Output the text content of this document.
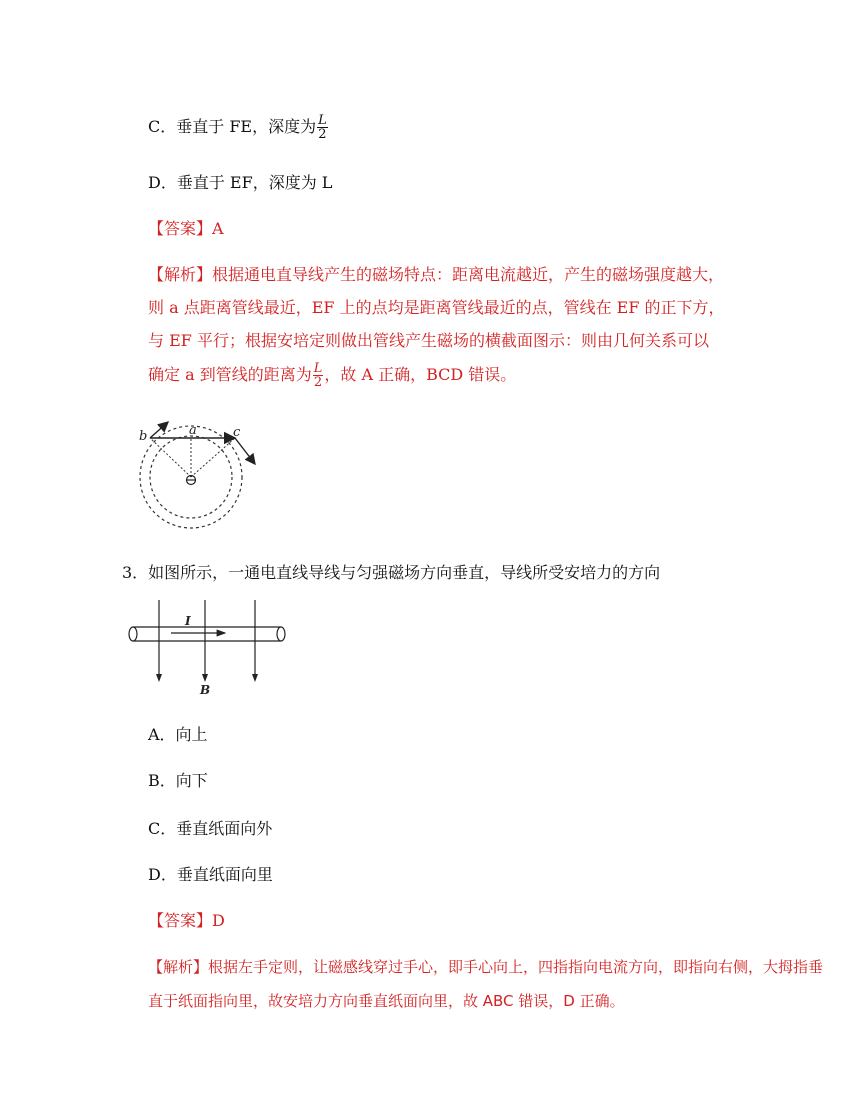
C．垂直于 FE，深度为 $\frac{L}{2}$
D．垂直于 EF，深度为 L
【答案】A
【解析】根据通电直导线产生的磁场特点：距离电流越近，产生的磁场强度越大，
则 a 点距离管线最近，EF 上的点均是距离管线最近的点，管线在 EF 的正下方，
与 EF 平行；根据安培定则做出管线产生磁场的横截面图示：则由几何关系可以
确定 a 到管线的距离为 $\frac{L}{2}$ ，故 A 正确，BCD 错误。
b	a	c
3．如图所示，一通电直线导线与匀强磁场方向垂直，导线所受安培力的方向
I
B
A．向上
B．向下
C．垂直纸面向外
D．垂直纸面向里
【答案】D
【解析】根据左手定则，让磁感线穿过手心，即手心向上，四指指向电流方向，即指向右侧，大拇指垂
直于纸面指向里，故安培力方向垂直纸面向里，故 ABC 错误，D 正确。
